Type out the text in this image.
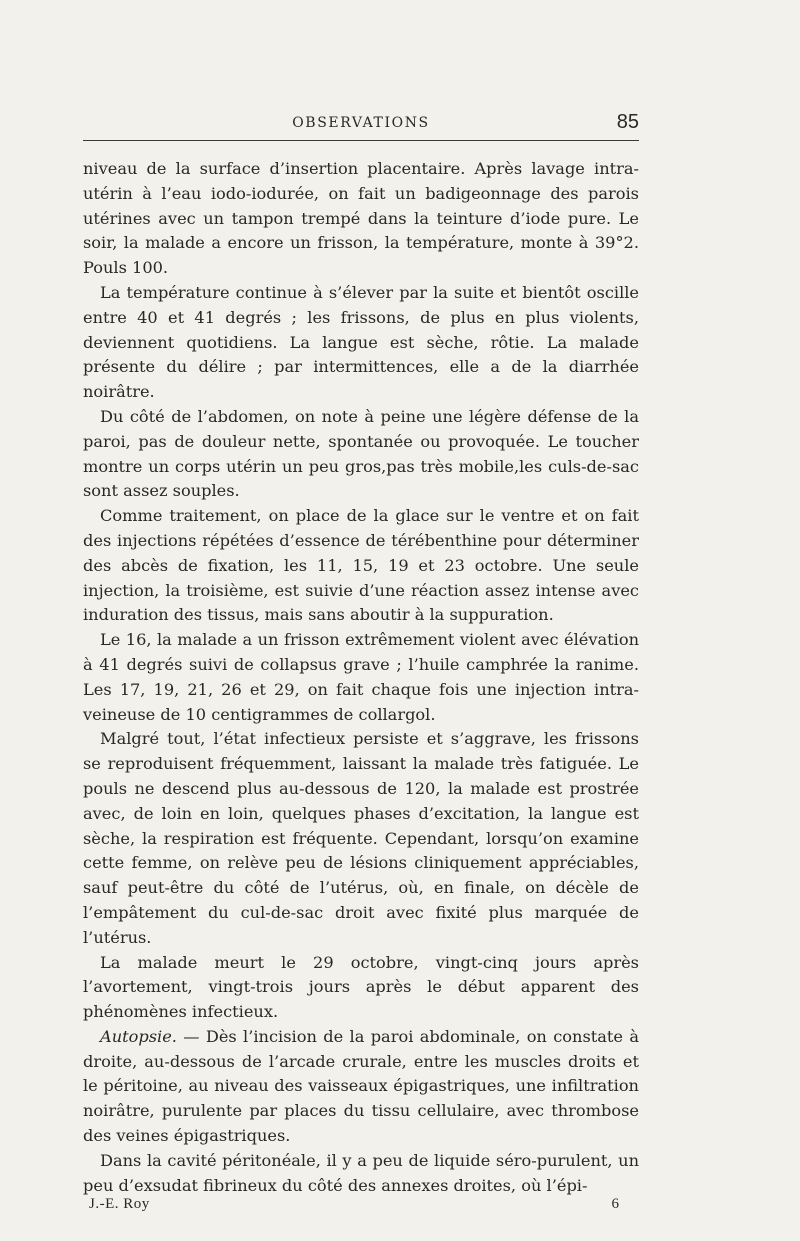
OBSERVATIONS	85

niveau de la surface d’insertion placentaire. Après lavage intra-utérin à l’eau iodo-iodurée, on fait un badigeonnage des parois utérines avec un tampon trempé dans la teinture d’iode pure. Le soir, la malade a encore un frisson, la température, monte à 39°2. Pouls 100.

La température continue à s’élever par la suite et bientôt oscille entre 40 et 41 degrés ; les frissons, de plus en plus violents, deviennent quotidiens. La langue est sèche, rôtie. La malade présente du délire ; par intermittences, elle a de la diarrhée noirâtre.

Du côté de l’abdomen, on note à peine une légère défense de la paroi, pas de douleur nette, spontanée ou provoquée. Le toucher montre un corps utérin un peu gros,pas très mobile,les culs-de-sac sont assez souples.

Comme traitement, on place de la glace sur le ventre et on fait des injections répétées d’essence de térébenthine pour déterminer des abcès de fixation, les 11, 15, 19 et 23 octobre. Une seule injection, la troisième, est suivie d’une réaction assez intense avec induration des tissus, mais sans aboutir à la suppuration.

Le 16, la malade a un frisson extrêmement violent avec élévation à 41 degrés suivi de collapsus grave ; l’huile camphrée la ranime. Les 17, 19, 21, 26 et 29, on fait chaque fois une injection intra-veineuse de 10 centigrammes de collargol.

Malgré tout, l’état infectieux persiste et s’aggrave, les frissons se reproduisent fréquemment, laissant la malade très fatiguée. Le pouls ne descend plus au-dessous de 120, la malade est prostrée avec, de loin en loin, quelques phases d’excitation, la langue est sèche, la respiration est fréquente. Cependant, lorsqu’on examine cette femme, on relève peu de lésions cliniquement appréciables, sauf peut-être du côté de l’utérus, où, en finale, on décèle de l’empâtement du cul-de-sac droit avec fixité plus marquée de l’utérus.

La malade meurt le 29 octobre, vingt-cinq jours après l’avortement, vingt-trois jours après le début apparent des phénomènes infectieux.

Autopsie. — Dès l’incision de la paroi abdominale, on constate à droite, au-dessous de l’arcade crurale, entre les muscles droits et le péritoine, au niveau des vaisseaux épigastriques, une infiltration noirâtre, purulente par places du tissu cellulaire, avec thrombose des veines épigastriques.

Dans la cavité péritonéale, il y a peu de liquide séro-purulent, un peu d’exsudat fibrineux du côté des annexes droites, où l’épi-

J.-E. Roy	6
